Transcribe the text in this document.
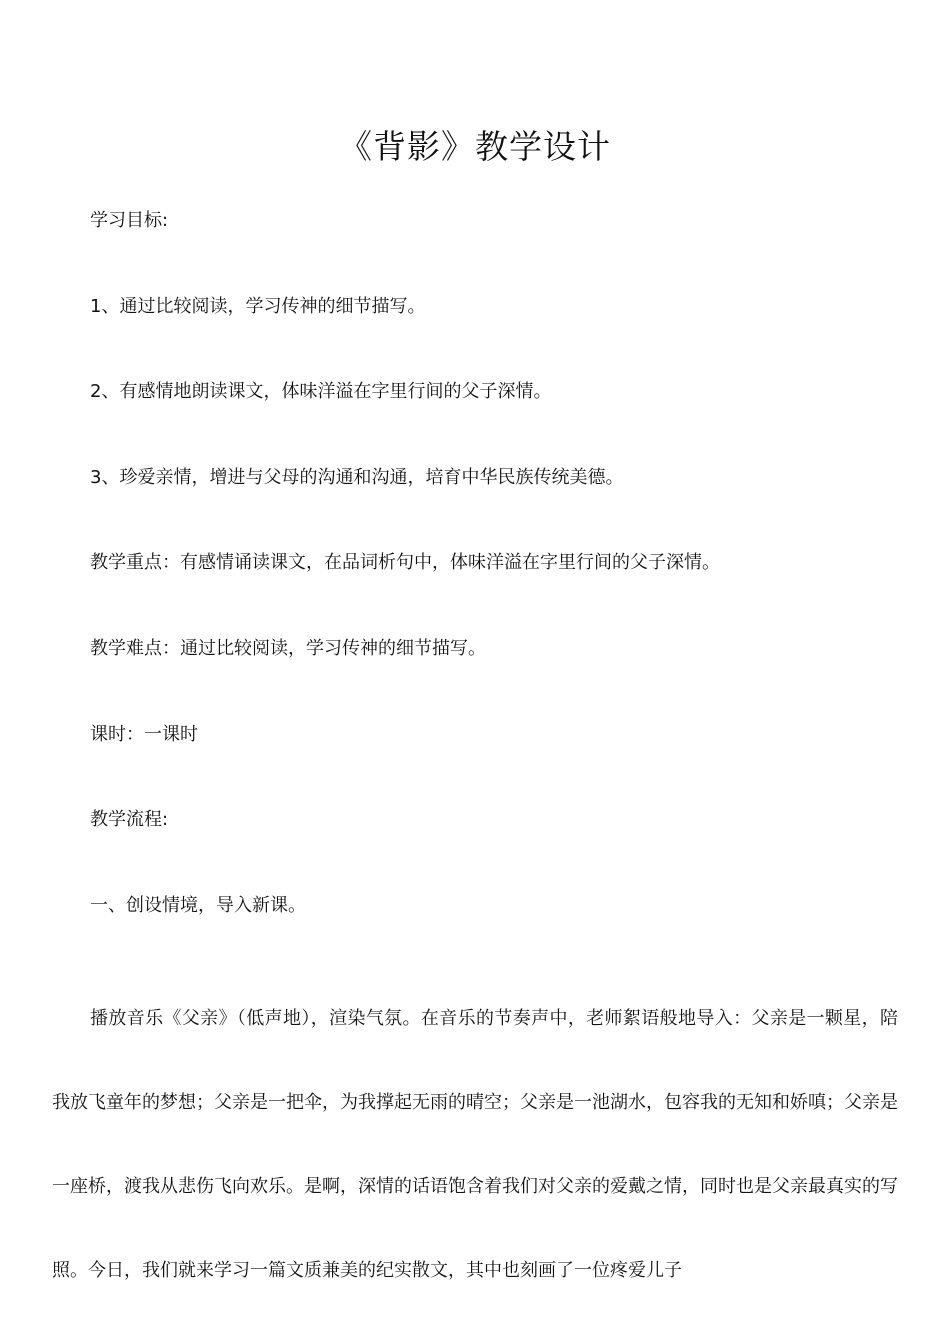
《背影》教学设计
学习目标:
1、通过比较阅读，学习传神的细节描写。
2、有感情地朗读课文，体味洋溢在字里行间的父子深情。
3、珍爱亲情，增进与父母的沟通和沟通，培育中华民族传统美德。
教学重点：有感情诵读课文，在品词析句中，体味洋溢在字里行间的父子深情。
教学难点：通过比较阅读，学习传神的细节描写。
课时：一课时
教学流程:
一、创设情境，导入新课。

播放音乐《父亲》（低声地），渲染气氛。在音乐的节奏声中，老师絮语般地导入：父亲是一颗星，陪我放飞童年的梦想；父亲是一把伞，为我撑起无雨的晴空；父亲是一池湖水，包容我的无知和娇嗔；父亲是一座桥，渡我从悲伤飞向欢乐。是啊，深情的话语饱含着我们对父亲的爱戴之情，同时也是父亲最真实的写照。今日，我们就来学习一篇文质兼美的纪实散文，其中也刻画了一位疼爱儿子
